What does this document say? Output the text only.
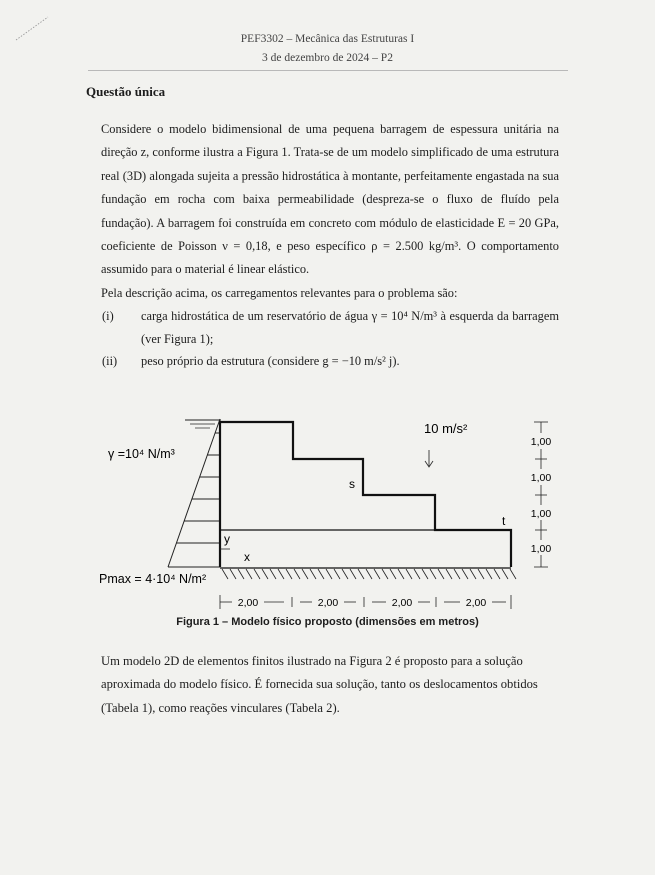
PEF3302 – Mecânica das Estruturas I
3 de dezembro de 2024 – P2
Questão única

Considere o modelo bidimensional de uma pequena barragem de espessura unitária na direção z, conforme ilustra a Figura 1. Trata-se de um modelo simplificado de uma estrutura real (3D) alongada sujeita a pressão hidrostática à montante, perfeitamente engastada na sua fundação em rocha com baixa permeabilidade (despreza-se o fluxo de fluído pela fundação). A barragem foi construída em concreto com módulo de elasticidade E = 20 GPa, coeficiente de Poisson ν = 0,18, e peso específico ρ = 2.500 kg/m³. O comportamento assumido para o material é linear elástico.

Pela descrição acima, os carregamentos relevantes para o problema são:

(i) carga hidrostática de um reservatório de água γ = 10⁴ N/m³ à esquerda da barragem (ver Figura 1);
(ii) peso próprio da estrutura (considere g = −10 m/s² j).
γ =10⁴ N/m³
Pmax = 4·10⁴ N/m²
10 m/s²
s
t
y
x
1,00
1,00
1,00
1,00
2,00	2,00	2,00	2,00
Figura 1 – Modelo físico proposto (dimensões em metros)
Um modelo 2D de elementos finitos ilustrado na Figura 2 é proposto para a solução aproximada do modelo físico. É fornecida sua solução, tanto os deslocamentos obtidos (Tabela 1), como reações vinculares (Tabela 2).
